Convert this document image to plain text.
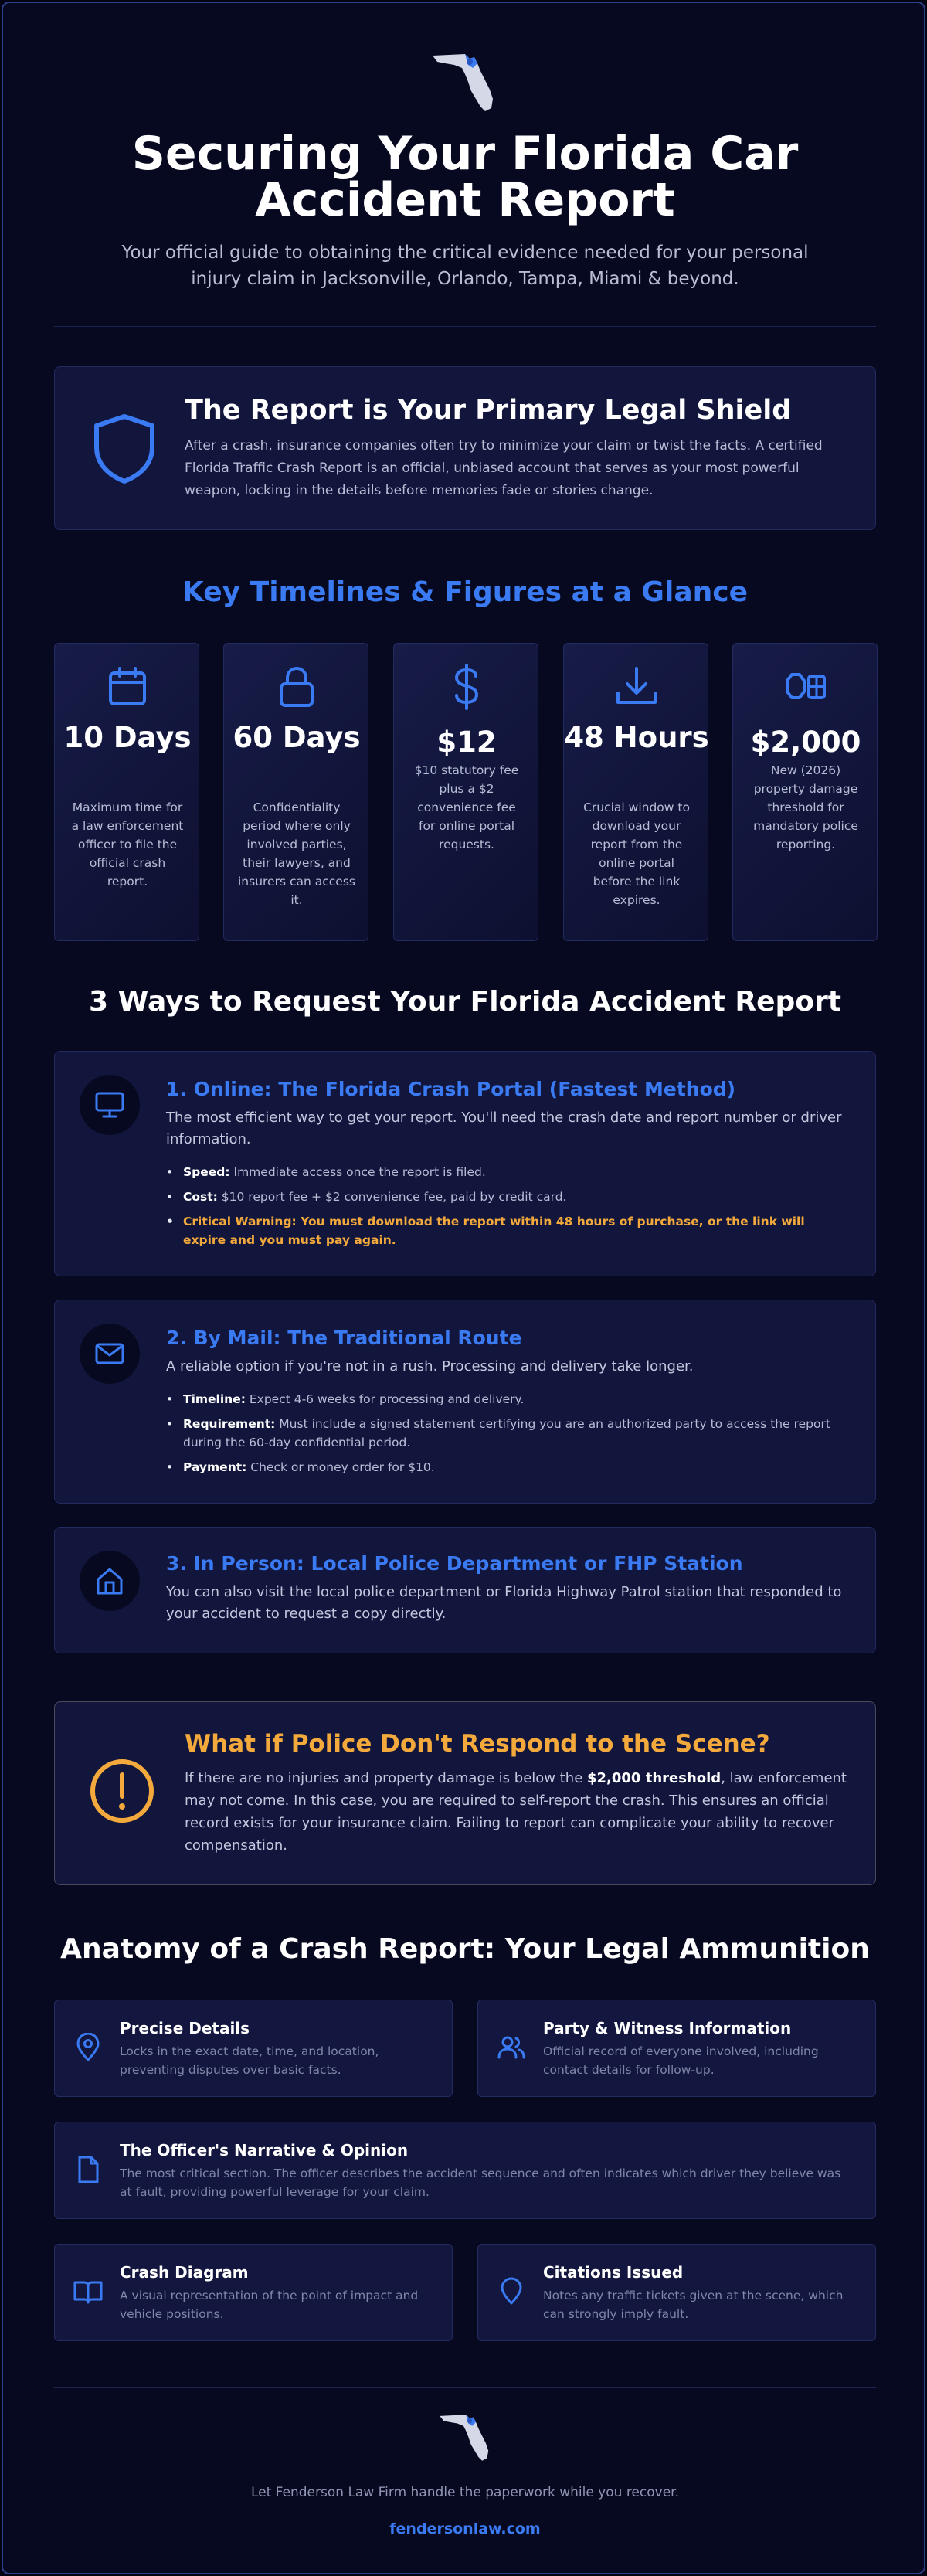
Securing Your Florida Car Accident Report
Your official guide to obtaining the critical evidence needed for your personal injury claim in Jacksonville, Orlando, Tampa, Miami & beyond.
The Report is Your Primary Legal Shield
After a crash, insurance companies often try to minimize your claim or twist the facts. A certified Florida Traffic Crash Report is an official, unbiased account that serves as your most powerful weapon, locking in the details before memories fade or stories change.
Key Timelines & Figures at a Glance
10 Days
Maximum time for a law enforcement officer to file the official crash report.
60 Days
Confidentiality period where only involved parties, their lawyers, and insurers can access it.
$12
$10 statutory fee plus a $2 convenience fee for online portal requests.
48 Hours
Crucial window to download your report from the online portal before the link expires.
$2,000
New (2026) property damage threshold for mandatory police reporting.
3 Ways to Request Your Florida Accident Report
1. Online: The Florida Crash Portal (Fastest Method)
The most efficient way to get your report. You'll need the crash date and report number or driver information.
• Speed: Immediate access once the report is filed.
• Cost: $10 report fee + $2 convenience fee, paid by credit card.
• Critical Warning: You must download the report within 48 hours of purchase, or the link will expire and you must pay again.
2. By Mail: The Traditional Route
A reliable option if you're not in a rush. Processing and delivery take longer.
• Timeline: Expect 4-6 weeks for processing and delivery.
• Requirement: Must include a signed statement certifying you are an authorized party to access the report during the 60-day confidential period.
• Payment: Check or money order for $10.
3. In Person: Local Police Department or FHP Station
You can also visit the local police department or Florida Highway Patrol station that responded to your accident to request a copy directly.
What if Police Don't Respond to the Scene?
If there are no injuries and property damage is below the $2,000 threshold, law enforcement may not come. In this case, you are required to self-report the crash. This ensures an official record exists for your insurance claim. Failing to report can complicate your ability to recover compensation.
Anatomy of a Crash Report: Your Legal Ammunition
Precise Details
Locks in the exact date, time, and location, preventing disputes over basic facts.
Party & Witness Information
Official record of everyone involved, including contact details for follow-up.
The Officer's Narrative & Opinion
The most critical section. The officer describes the accident sequence and often indicates which driver they believe was at fault, providing powerful leverage for your claim.
Crash Diagram
A visual representation of the point of impact and vehicle positions.
Citations Issued
Notes any traffic tickets given at the scene, which can strongly imply fault.
Let Fenderson Law Firm handle the paperwork while you recover.
fendersonlaw.com
